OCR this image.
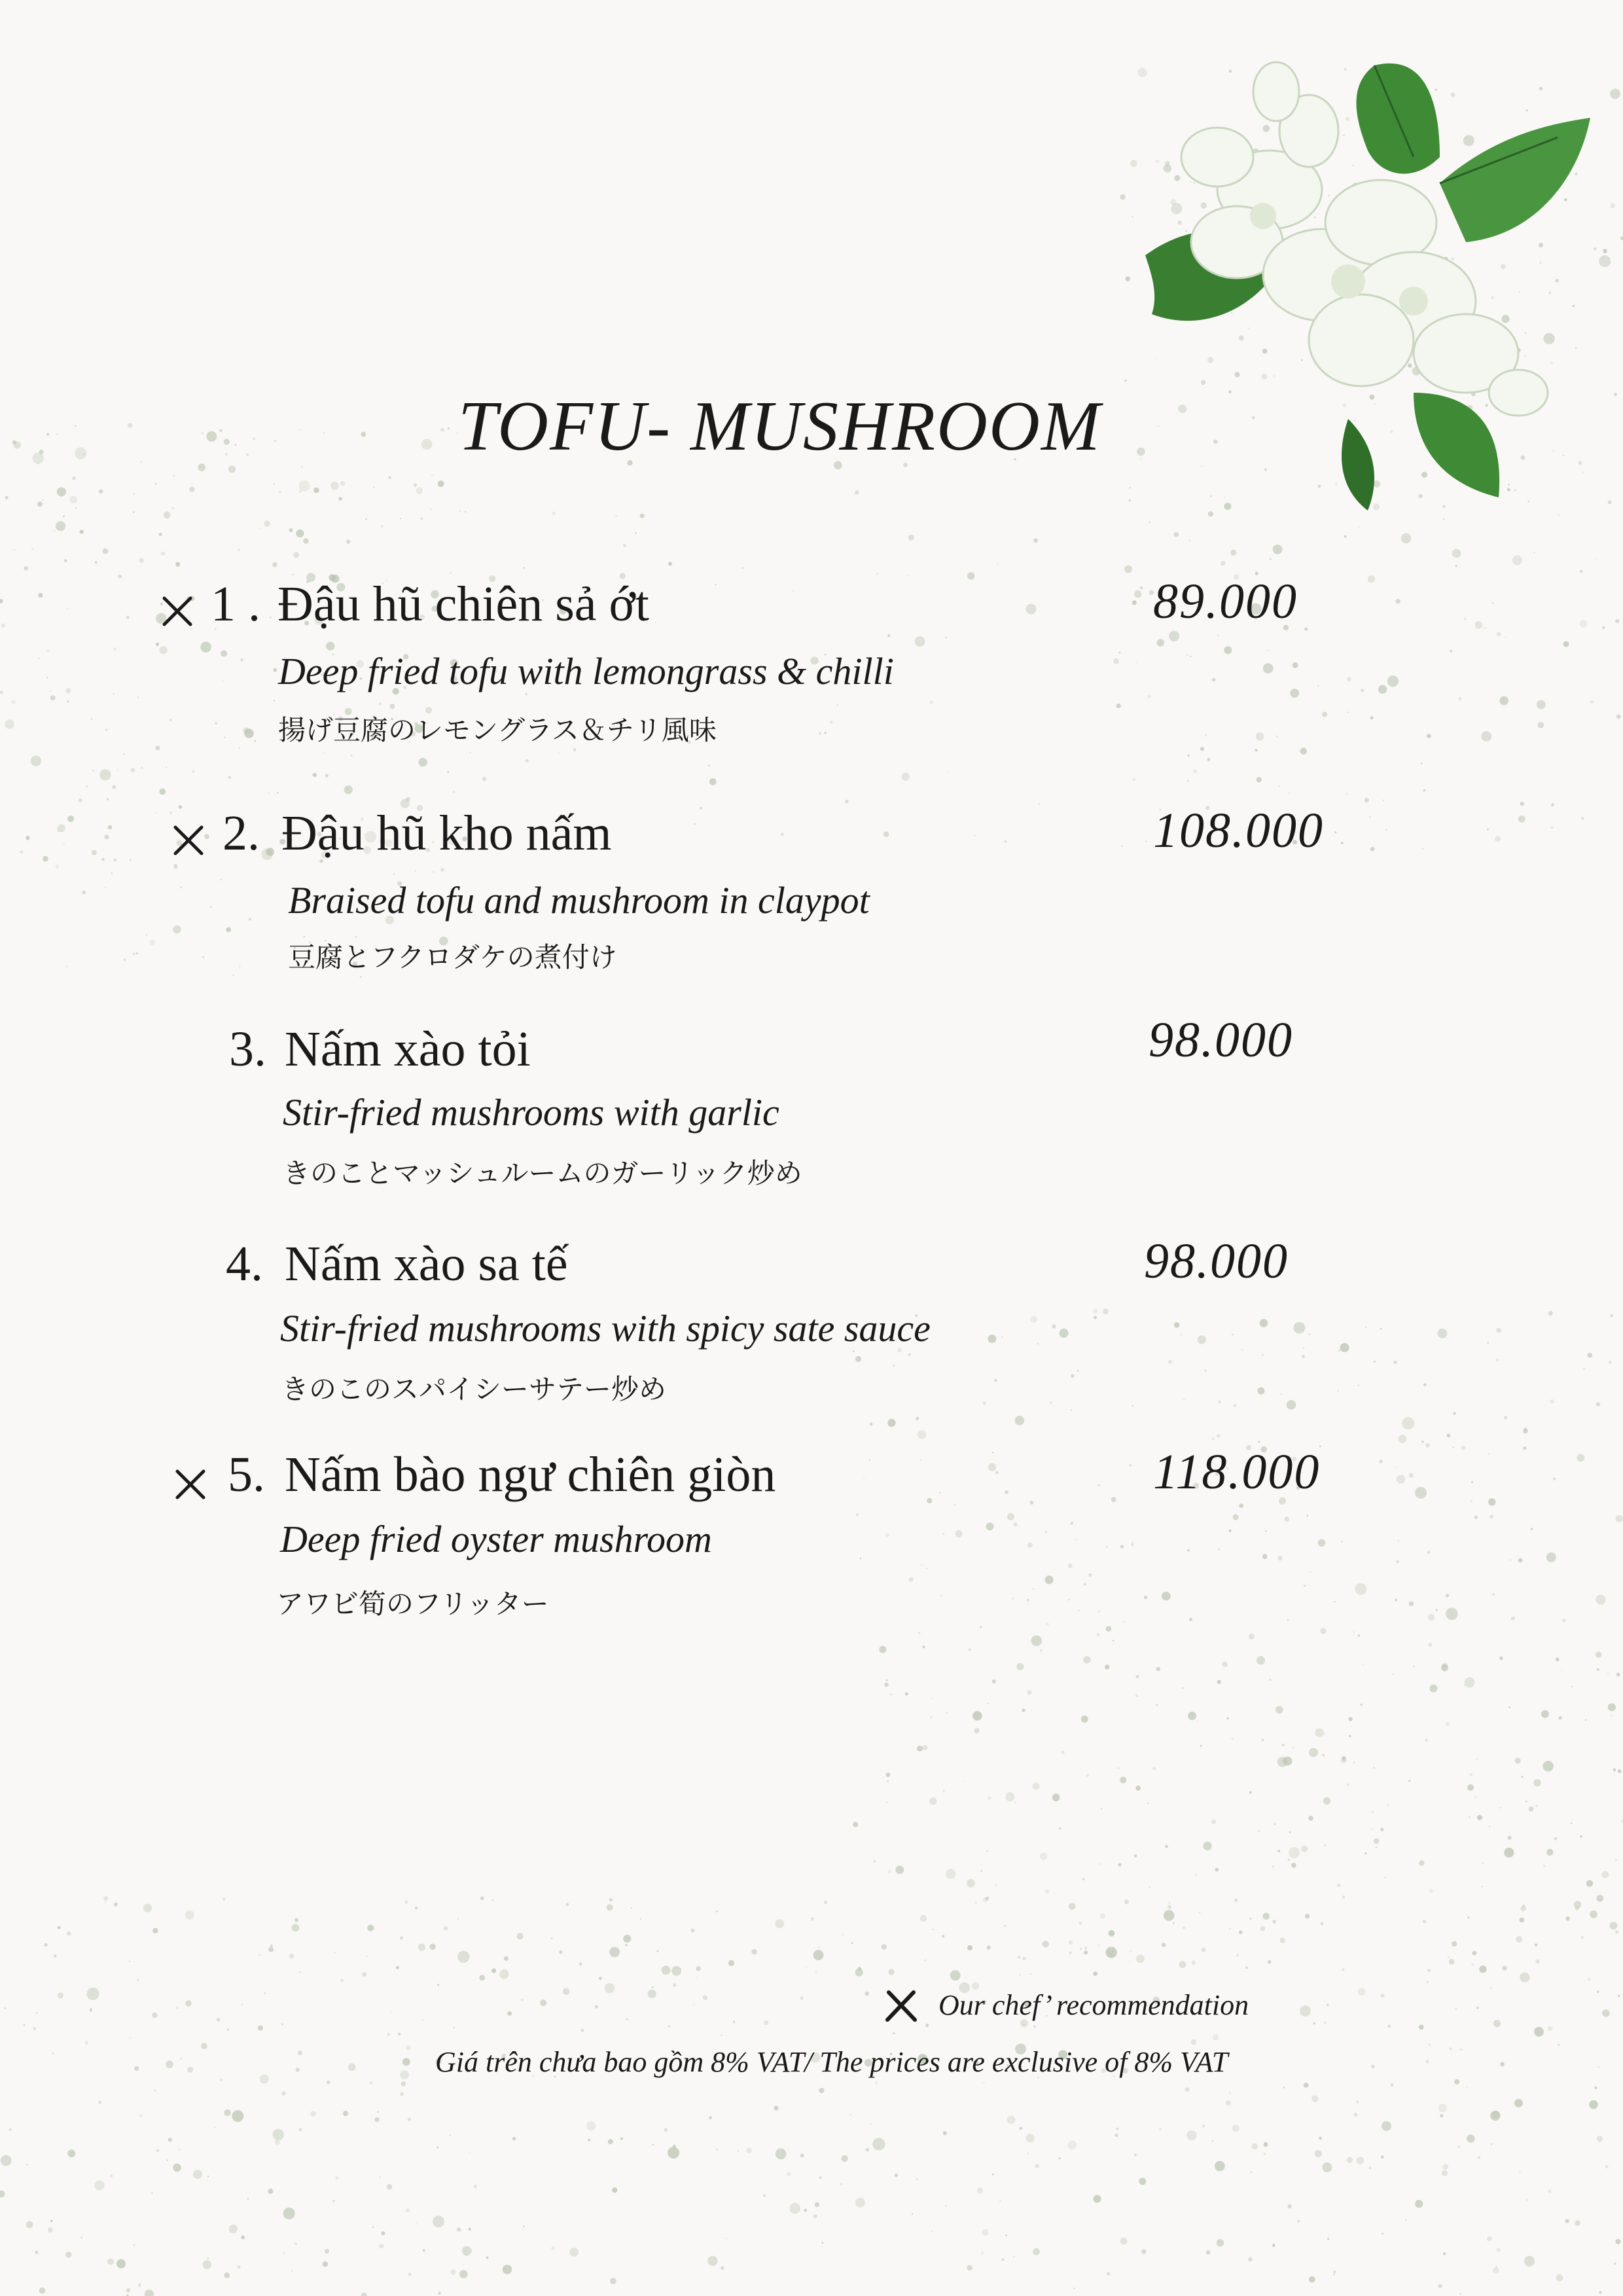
TOFU- MUSHROOM
1 . Đậu hũ chiên sả ớt
Deep fried tofu with lemongrass & chilli
揚げ豆腐のレモングラス＆チリ風味
89.000
2. Đậu hũ kho nấm
Braised tofu and mushroom in claypot
豆腐とフクロダケの煮付け
108.000
3. Nấm xào tỏi
Stir-fried mushrooms with garlic
きのことマッシュルームのガーリック炒め
98.000
4. Nấm xào sa tế
Stir-fried mushrooms with spicy sate sauce
きのこのスパイシーサテー炒め
98.000
5. Nấm bào ngư chiên giòn
Deep fried oyster mushroom
アワビ筍のフリッター
118.000
Our chef’ recommendation
Giá trên chưa bao gồm 8% VAT/ The prices are exclusive of 8% VAT
